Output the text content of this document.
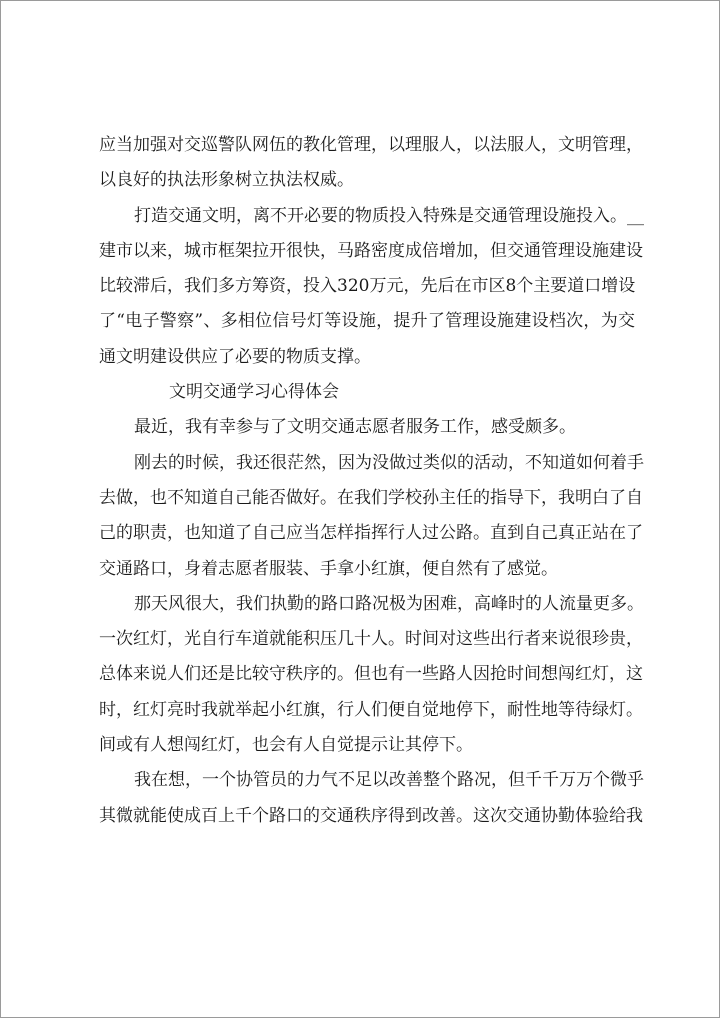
应当加强对交巡警队网伍的教化管理，以理服人，以法服人，文明管理，
以良好的执法形象树立执法权威。
打造交通文明，离不开必要的物质投入特殊是交通管理设施投入。__
建市以来，城市框架拉开很快，马路密度成倍增加，但交通管理设施建设
比较滞后，我们多方筹资，投入320万元，先后在市区8个主要道口增设
了“电子警察”、多相位信号灯等设施，提升了管理设施建设档次，为交
通文明建设供应了必要的物质支撑。
文明交通学习心得体会
最近，我有幸参与了文明交通志愿者服务工作，感受颇多。
刚去的时候，我还很茫然，因为没做过类似的活动，不知道如何着手
去做，也不知道自己能否做好。在我们学校孙主任的指导下，我明白了自
己的职责，也知道了自己应当怎样指挥行人过公路。直到自己真正站在了
交通路口，身着志愿者服装、手拿小红旗，便自然有了感觉。
那天风很大，我们执勤的路口路况极为困难，高峰时的人流量更多。
一次红灯，光自行车道就能积压几十人。时间对这些出行者来说很珍贵，
总体来说人们还是比较守秩序的。但也有一些路人因抢时间想闯红灯，这
时，红灯亮时我就举起小红旗，行人们便自觉地停下，耐性地等待绿灯。
间或有人想闯红灯，也会有人自觉提示让其停下。
我在想，一个协管员的力气不足以改善整个路况，但千千万万个微乎
其微就能使成百上千个路口的交通秩序得到改善。这次交通协勤体验给我
